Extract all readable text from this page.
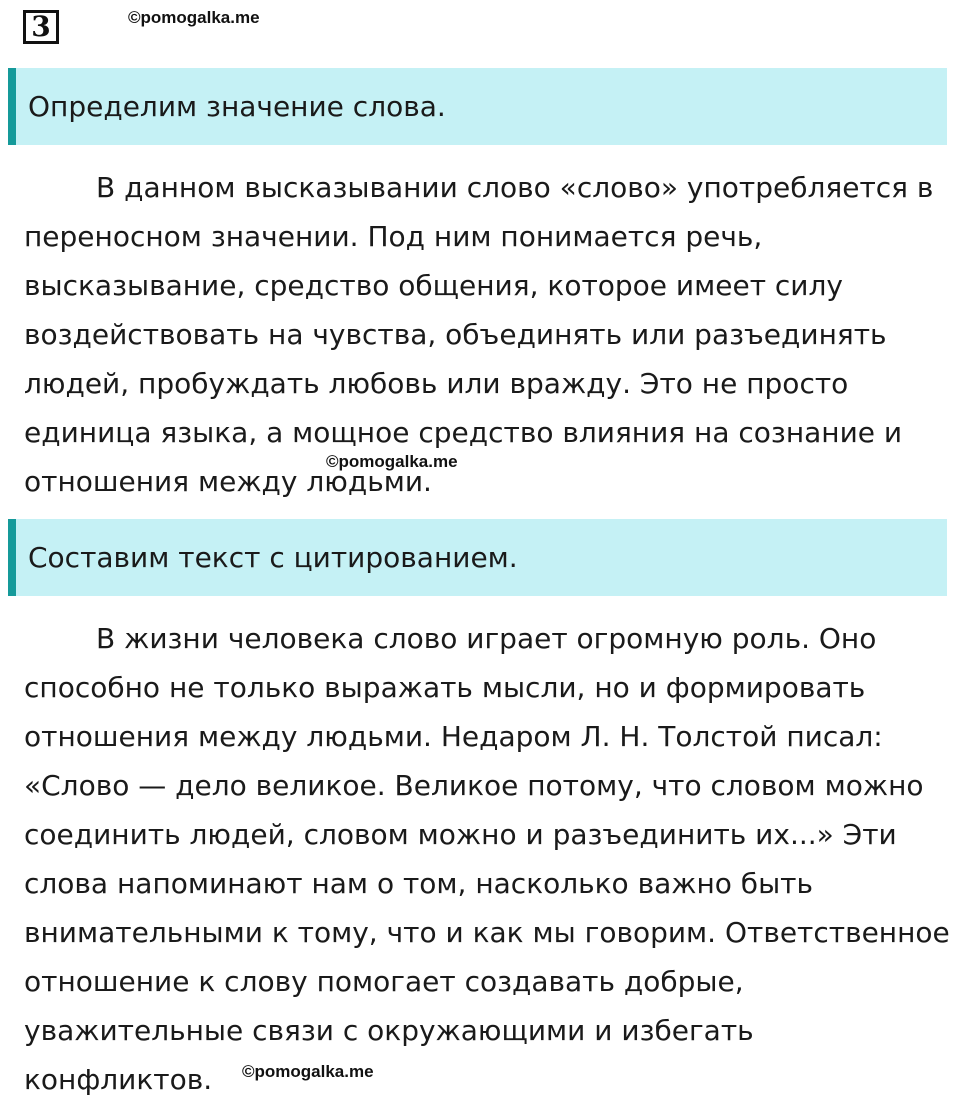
3	©pomogalka.me
Определим значение слова.

В данном высказывании слово «слово» употребляется в переносном значении. Под ним понимается речь, высказывание, средство общения, которое имеет силу воздействовать на чувства, объединять или разъединять людей, пробуждать любовь или вражду. Это не просто единица языка, а мощное средство влияния на сознание и отношения между людьми.

©pomogalka.me
Составим текст с цитированием.

В жизни человека слово играет огромную роль. Оно способно не только выражать мысли, но и формировать отношения между людьми. Недаром Л. Н. Толстой писал: «Слово — дело великое. Великое потому, что словом можно соединить людей, словом можно и разъединить их...» Эти слова напоминают нам о том, насколько важно быть внимательными к тому, что и как мы говорим. Ответственное отношение к слову помогает создавать добрые, уважительные связи с окружающими и избегать конфликтов.	©pomogalka.me
